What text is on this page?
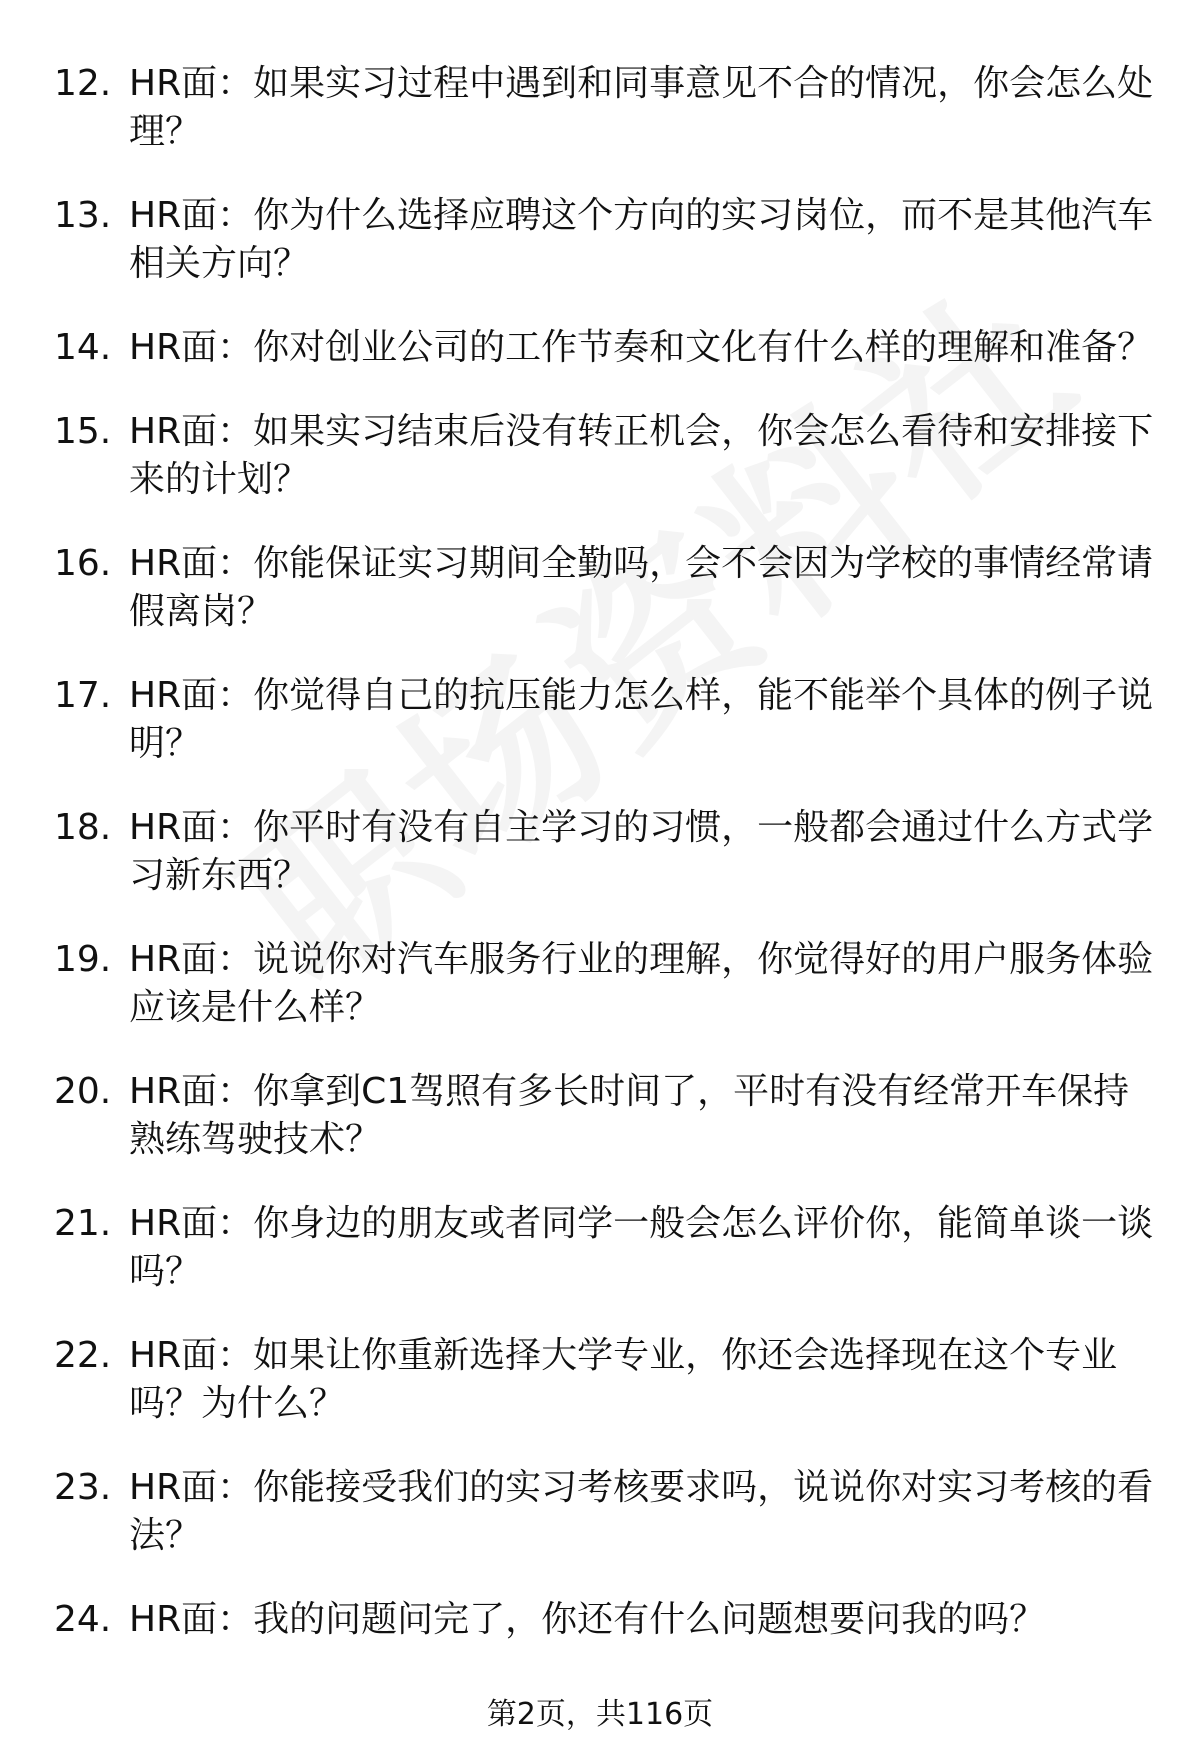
12. HR面：如果实习过程中遇到和同事意见不合的情况，你会怎么处理？
13. HR面：你为什么选择应聘这个方向的实习岗位，而不是其他汽车相关方向？
14. HR面：你对创业公司的工作节奏和文化有什么样的理解和准备？
15. HR面：如果实习结束后没有转正机会，你会怎么看待和安排接下来的计划？
16. HR面：你能保证实习期间全勤吗，会不会因为学校的事情经常请假离岗？
17. HR面：你觉得自己的抗压能力怎么样，能不能举个具体的例子说明？
18. HR面：你平时有没有自主学习的习惯，一般都会通过什么方式学习新东西？
19. HR面：说说你对汽车服务行业的理解，你觉得好的用户服务体验应该是什么样？
20. HR面：你拿到C1驾照有多长时间了，平时有没有经常开车保持熟练驾驶技术？
21. HR面：你身边的朋友或者同学一般会怎么评价你，能简单谈一谈吗？
22. HR面：如果让你重新选择大学专业，你还会选择现在这个专业吗？为什么？
23. HR面：你能接受我们的实习考核要求吗，说说你对实习考核的看法？
24. HR面：我的问题问完了，你还有什么问题想要问我的吗？
第2页，共116页
